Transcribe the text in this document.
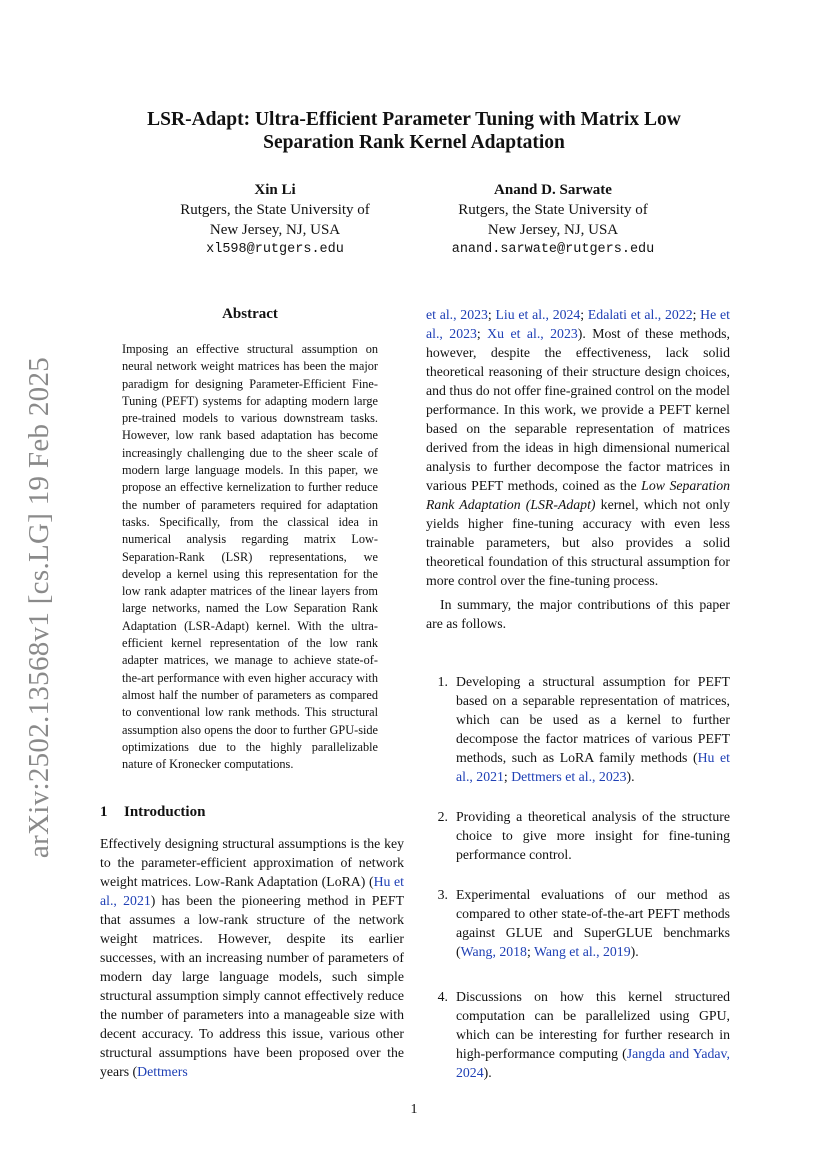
arXiv:2502.13568v1 [cs.LG] 19 Feb 2025
LSR-Adapt: Ultra-Efficient Parameter Tuning with Matrix Low Separation Rank Kernel Adaptation
Xin Li
Rutgers, the State University of
New Jersey, NJ, USA
xl598@rutgers.edu
Anand D. Sarwate
Rutgers, the State University of
New Jersey, NJ, USA
anand.sarwate@rutgers.edu
Abstract
Imposing an effective structural assumption on neural network weight matrices has been the major paradigm for designing Parameter-Efficient Fine-Tuning (PEFT) systems for adapting modern large pre-trained models to various downstream tasks. However, low rank based adaptation has become increasingly challenging due to the sheer scale of modern large language models. In this paper, we propose an effective kernelization to further reduce the number of parameters required for adaptation tasks. Specifically, from the classical idea in numerical analysis regarding matrix Low-Separation-Rank (LSR) representations, we develop a kernel using this representation for the low rank adapter matrices of the linear layers from large networks, named the Low Separation Rank Adaptation (LSR-Adapt) kernel. With the ultra-efficient kernel representation of the low rank adapter matrices, we manage to achieve state-of-the-art performance with even higher accuracy with almost half the number of parameters as compared to conventional low rank methods. This structural assumption also opens the door to further GPU-side optimizations due to the highly parallelizable nature of Kronecker computations.
1 Introduction
Effectively designing structural assumptions is the key to the parameter-efficient approximation of network weight matrices. Low-Rank Adaptation (LoRA) (Hu et al., 2021) has been the pioneering method in PEFT that assumes a low-rank structure of the network weight matrices. However, despite its earlier successes, with an increasing number of parameters of modern day large language models, such simple structural assumption simply cannot effectively reduce the number of parameters into a manageable size with decent accuracy. To address this issue, various other structural assumptions have been proposed over the years (Dettmers

et al., 2023; Liu et al., 2024; Edalati et al., 2022; He et al., 2023; Xu et al., 2023). Most of these methods, however, despite the effectiveness, lack solid theoretical reasoning of their structure design choices, and thus do not offer fine-grained control on the model performance. In this work, we provide a PEFT kernel based on the separable representation of matrices derived from the ideas in high dimensional numerical analysis to further decompose the factor matrices in various PEFT methods, coined as the Low Separation Rank Adaptation (LSR-Adapt) kernel, which not only yields higher fine-tuning accuracy with even less trainable parameters, but also provides a solid theoretical foundation of this structural assumption for more control over the fine-tuning process.

In summary, the major contributions of this paper are as follows.

1. Developing a structural assumption for PEFT based on a separable representation of matrices, which can be used as a kernel to further decompose the factor matrices of various PEFT methods, such as LoRA family methods (Hu et al., 2021; Dettmers et al., 2023).
2. Providing a theoretical analysis of the structure choice to give more insight for fine-tuning performance control.
3. Experimental evaluations of our method as compared to other state-of-the-art PEFT methods against GLUE and SuperGLUE benchmarks (Wang, 2018; Wang et al., 2019).
4. Discussions on how this kernel structured computation can be parallelized using GPU, which can be interesting for further research in high-performance computing (Jangda and Yadav, 2024).
1
